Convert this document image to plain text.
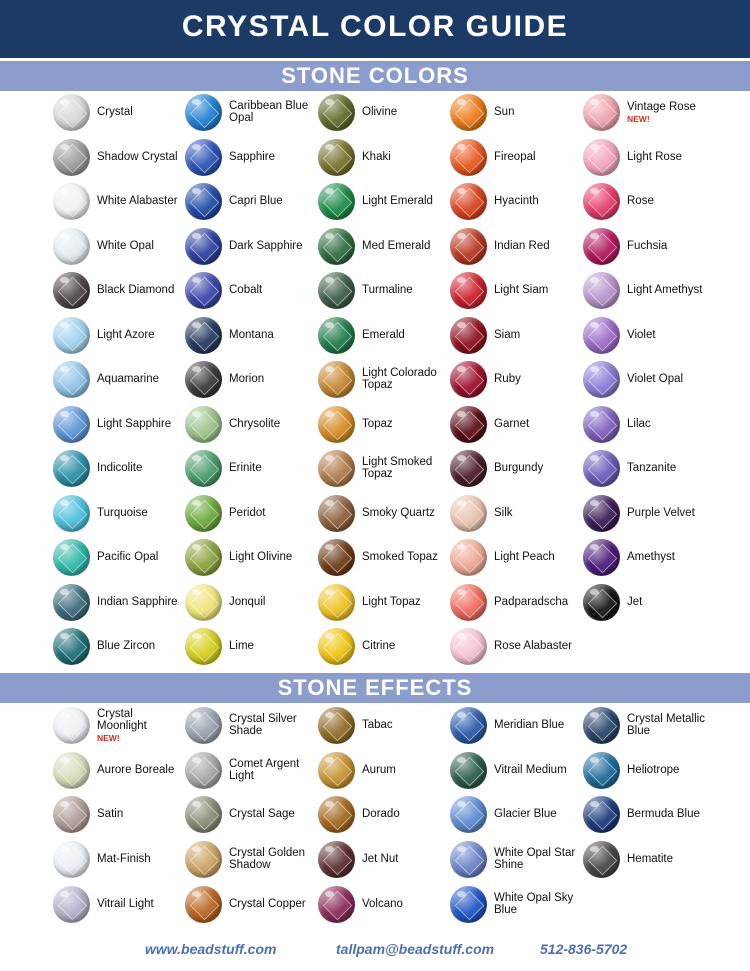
CRYSTAL COLOR GUIDE
STONE COLORS
Crystal
Shadow Crystal
White Alabaster
White Opal
Black Diamond
Light Azore
Aquamarine
Light Sapphire
Indicolite
Turquoise
Pacific Opal
Indian Sapphire
Blue Zircon
Caribbean Blue Opal
Sapphire
Capri Blue
Dark Sapphire
Cobalt
Montana
Morion
Chrysolite
Erinite
Peridot
Light Olivine
Jonquil
Lime
Olivine
Khaki
Light Emerald
Med Emerald
Turmaline
Emerald
Light Colorado Topaz
Topaz
Light Smoked Topaz
Smoky Quartz
Smoked Topaz
Light Topaz
Citrine
Sun
Fireopal
Hyacinth
Indian Red
Light Siam
Siam
Ruby
Garnet
Burgundy
Silk
Light Peach
Padparadscha
Rose Alabaster
Vintage Rose
NEW!
Light Rose
Rose
Fuchsia
Light Amethyst
Violet
Violet Opal
Lilac
Tanzanite
Purple Velvet
Amethyst
Jet
STONE EFFECTS
Crystal Moonlight
NEW!
Aurore Boreale
Satin
Mat-Finish
Vitrail Light
Crystal Silver Shade
Comet Argent Light
Crystal Sage
Crystal Golden Shadow
Crystal Copper
Tabac
Aurum
Dorado
Jet Nut
Volcano
Meridian Blue
Vitrail Medium
Glacier Blue
White Opal Star Shine
White Opal Sky Blue
Crystal Metallic Blue
Heliotrope
Bermuda Blue
Hematite
www.beadstuff.com	tallpam@beadstuff.com	512-836-5702
